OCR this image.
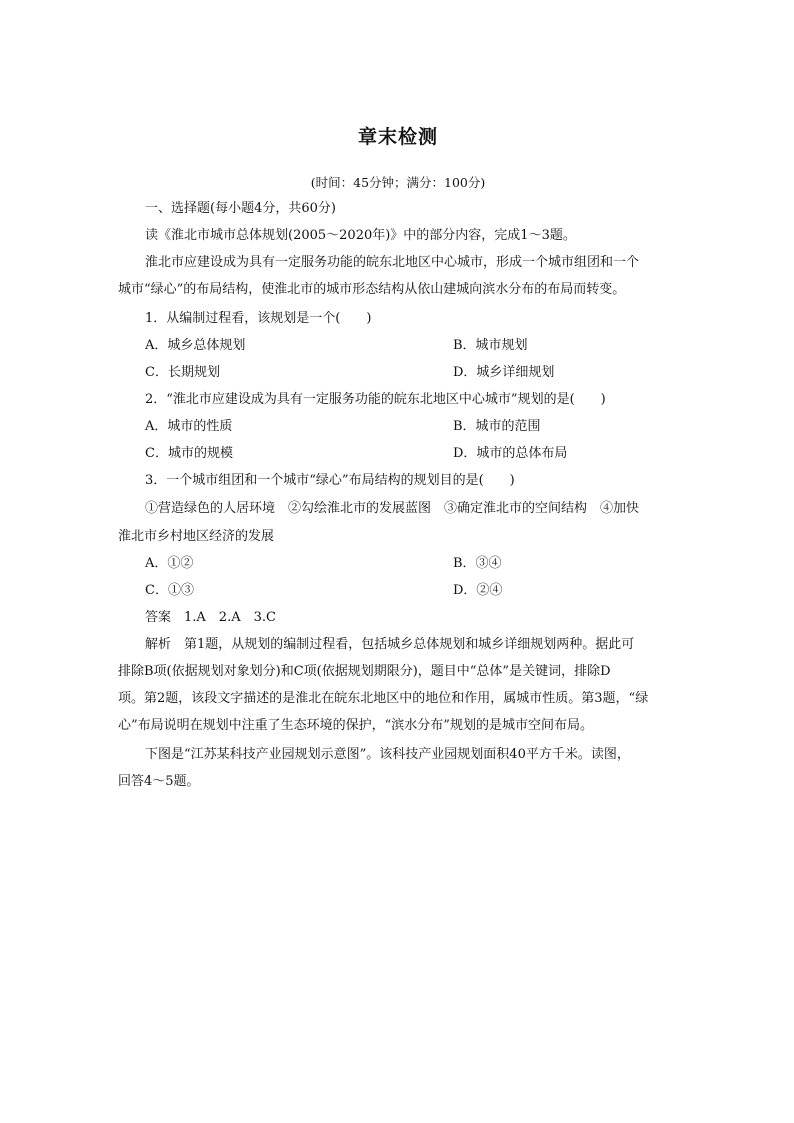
章末检测
(时间：45分钟；满分：100分)
一、选择题(每小题4分，共60分)
读《淮北市城市总体规划(2005～2020年)》中的部分内容，完成1～3题。
淮北市应建设成为具有一定服务功能的皖东北地区中心城市，形成一个城市组团和一个
城市“绿心”的布局结构，使淮北市的城市形态结构从依山建城向滨水分布的布局而转变。
1．从编制过程看，该规划是一个(　　)
A．城乡总体规划	B．城市规划
C．长期规划	D．城乡详细规划
2．“淮北市应建设成为具有一定服务功能的皖东北地区中心城市”规划的是(　　)
A．城市的性质	B．城市的范围
C．城市的规模	D．城市的总体布局
3．一个城市组团和一个城市“绿心”布局结构的规划目的是(　　)
①营造绿色的人居环境　②勾绘淮北市的发展蓝图　③确定淮北市的空间结构　④加快
淮北市乡村地区经济的发展
A．①②	B．③④
C．①③	D．②④
答案　1.A　2.A　3.C
解析　第1题，从规划的编制过程看，包括城乡总体规划和城乡详细规划两种。据此可
排除B项(依据规划对象划分)和C项(依据规划期限分)，题目中“总体”是关键词，排除D
项。第2题，该段文字描述的是淮北在皖东北地区中的地位和作用，属城市性质。第3题，“绿
心”布局说明在规划中注重了生态环境的保护，“滨水分布”规划的是城市空间布局。
下图是“江苏某科技产业园规划示意图”。该科技产业园规划面积40平方千米。读图，
回答4～5题。
